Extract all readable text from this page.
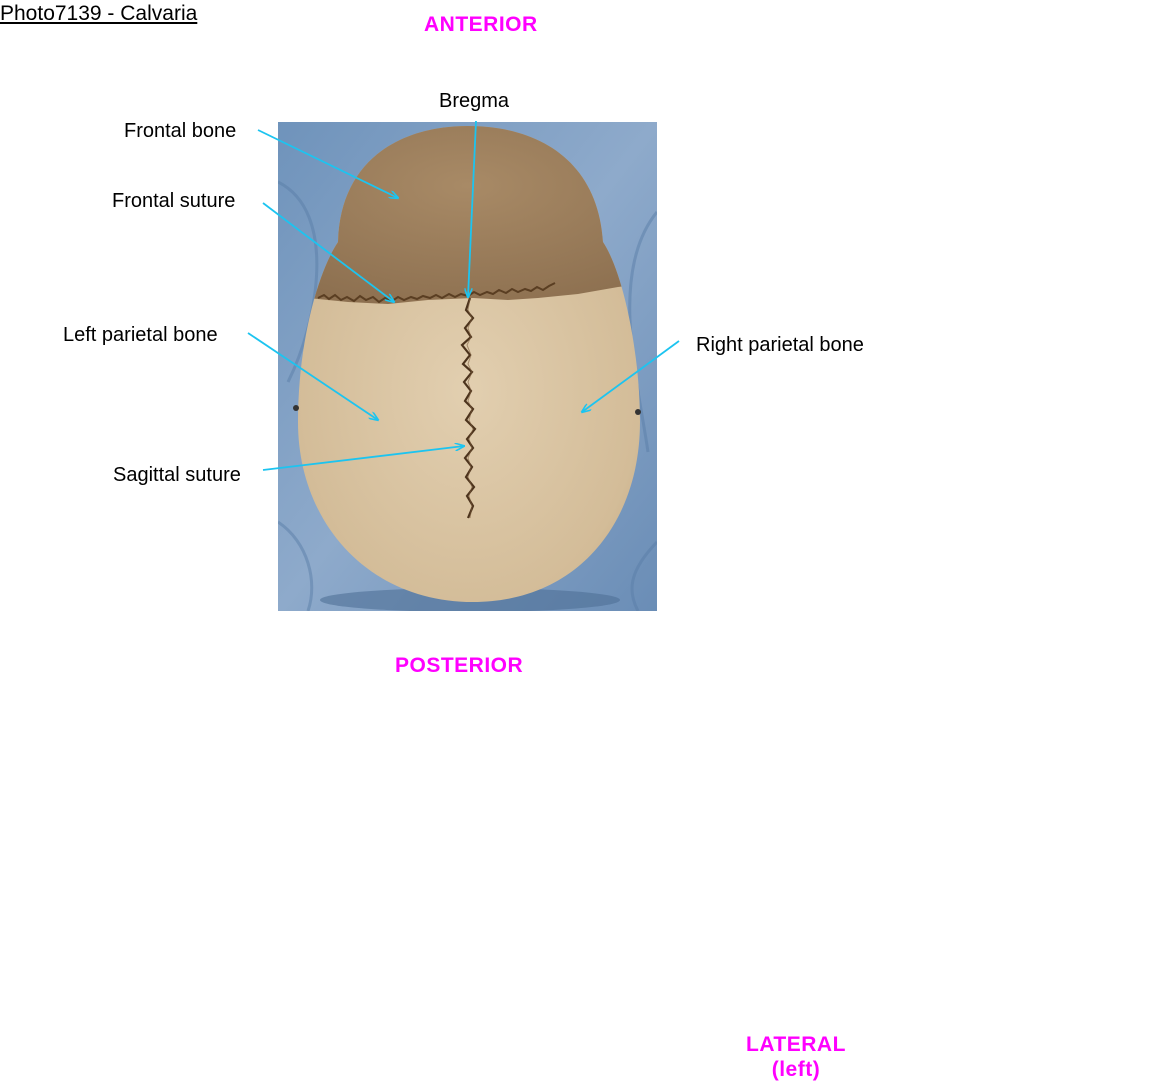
Photo7139 - Calvaria	ANTERIOR
POSTERIOR
LATERAL
(left)
Bregma
Frontal bone
Frontal suture
Left parietal bone	Right parietal bone
Sagittal suture
